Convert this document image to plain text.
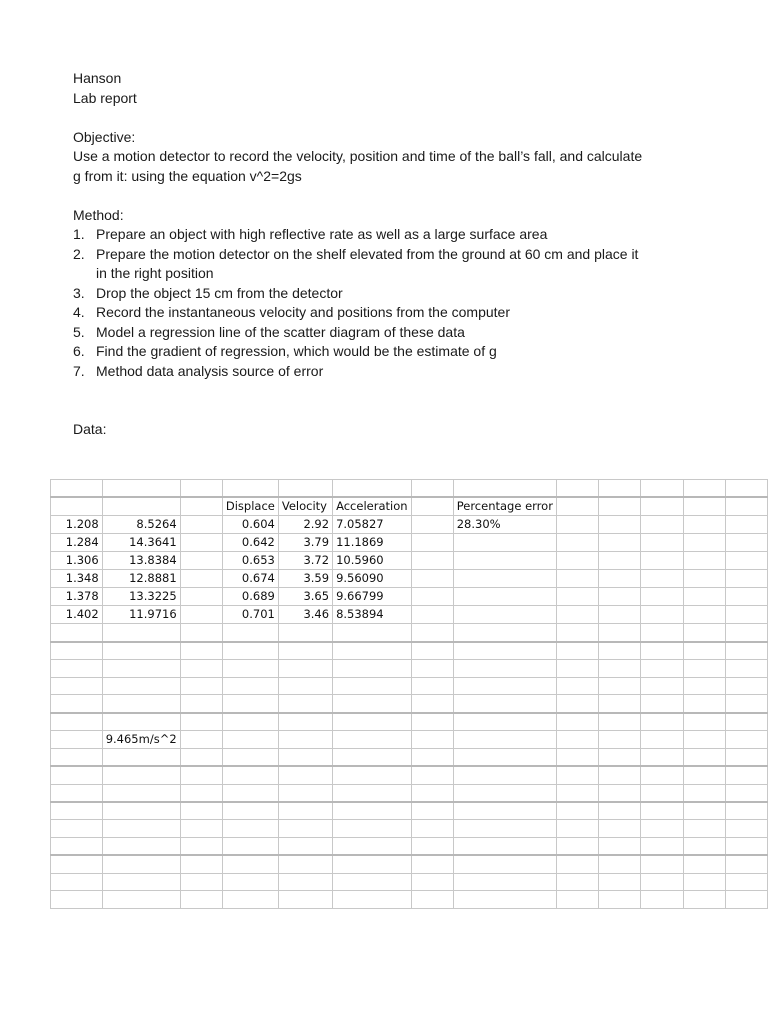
Hanson
Lab report
Objective:
Use a motion detector to record the velocity, position and time of the ball’s fall, and calculate
g from it: using the equation v^2=2gs
Method:
1. Prepare an object with high reflective rate as well as a large surface area
2. Prepare the motion detector on the shelf elevated from the ground at 60 cm and place it
in the right position
3. Drop the object 15 cm from the detector
4. Record the instantaneous velocity and positions from the computer
5. Model a regression line of the scatter diagram of these data
6. Find the gradient of regression, which would be the estimate of g
7. Method data analysis source of error
Data:

			Displace	Velocity	Acceleration		Percentage error					
1.208	8.5264		0.604	2.92	7.05827		28.30%					
1.284	14.3641		0.642	3.79	11.1869							
1.306	13.8384		0.653	3.72	10.5960							
1.348	12.8881		0.674	3.59	9.56090							
1.378	13.3225		0.689	3.65	9.66799							
1.402	11.9716		0.701	3.46	8.53894							

	9.465m/s^2											
